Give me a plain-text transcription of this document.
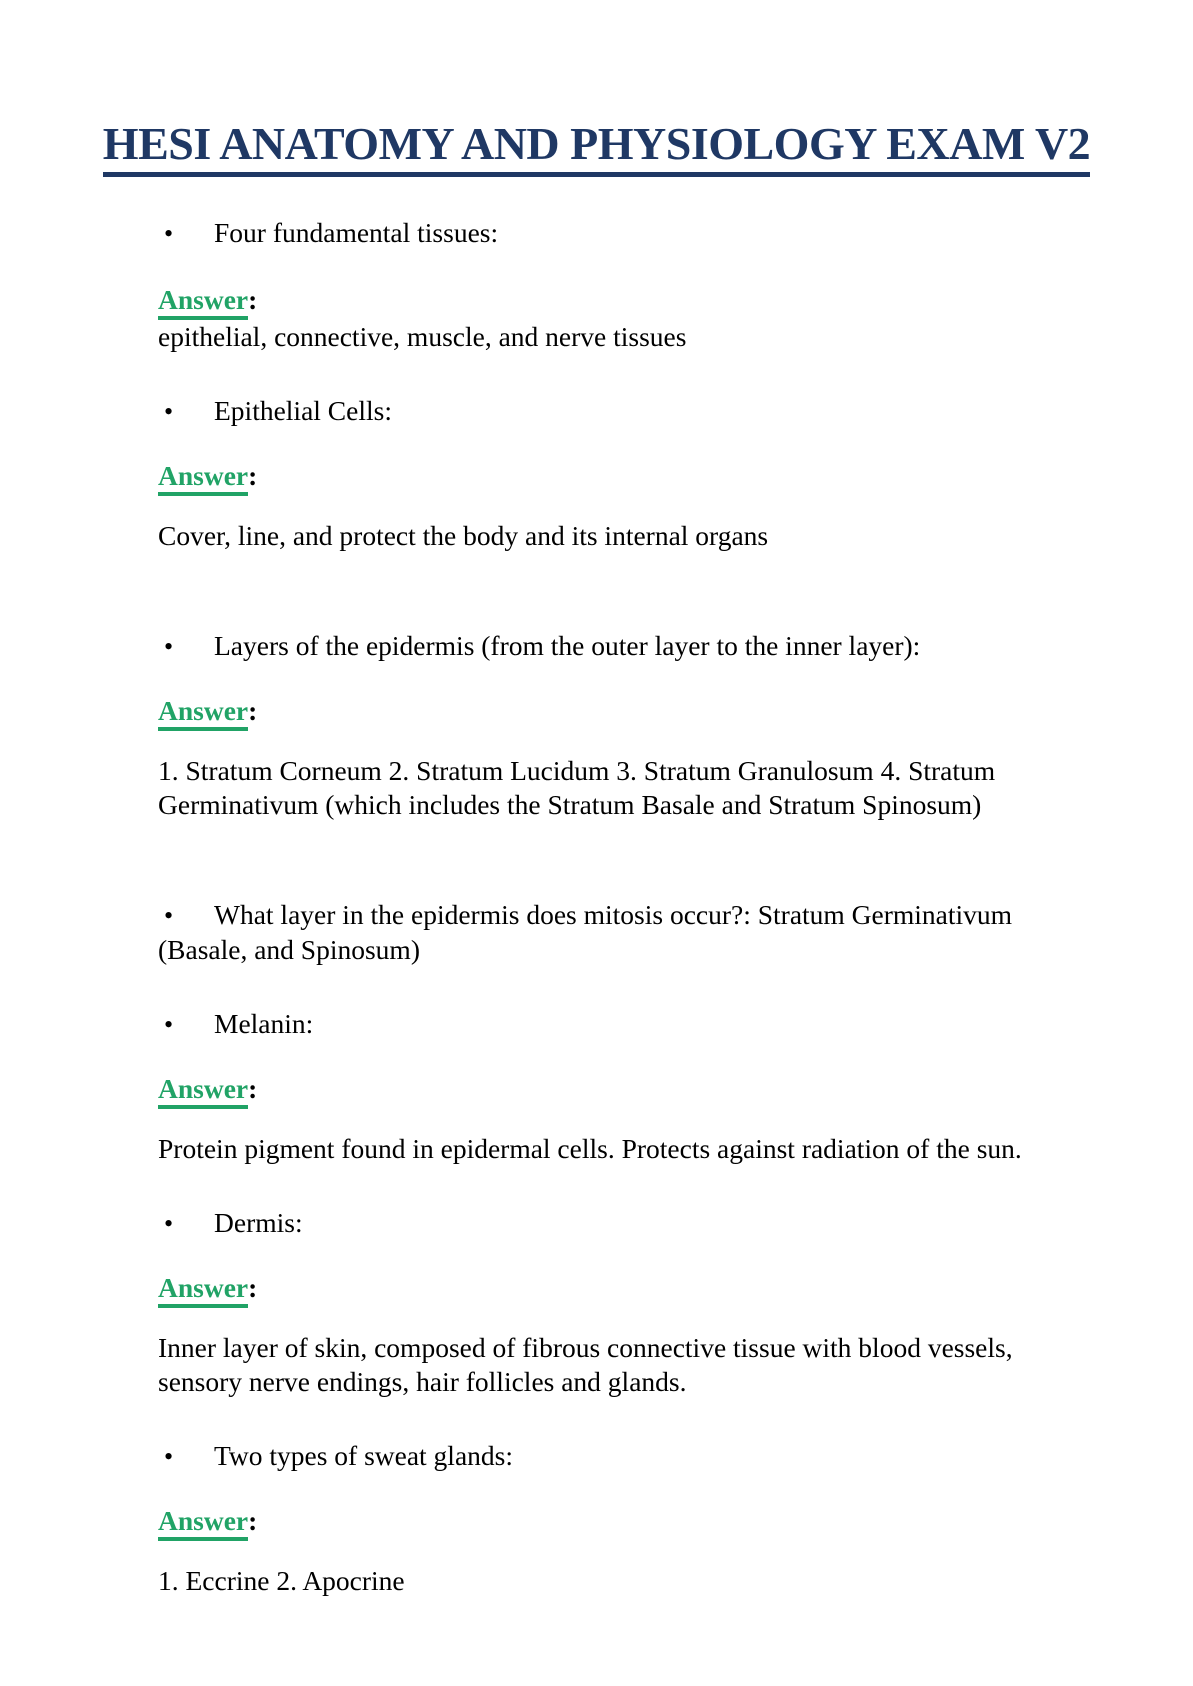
HESI ANATOMY AND PHYSIOLOGY EXAM V2

• Four fundamental tissues:

Answer:

epithelial, connective, muscle, and nerve tissues

• Epithelial Cells:

Answer:

Cover, line, and protect the body and its internal organs

• Layers of the epidermis (from the outer layer to the inner layer):

Answer:

1. Stratum Corneum 2. Stratum Lucidum 3. Stratum Granulosum 4. Stratum Germinativum (which includes the Stratum Basale and Stratum Spinosum)

• What layer in the epidermis does mitosis occur?: Stratum Germinativum (Basale, and Spinosum)

• Melanin:

Answer:

Protein pigment found in epidermal cells. Protects against radiation of the sun.

• Dermis:

Answer:

Inner layer of skin, composed of fibrous connective tissue with blood vessels, sensory nerve endings, hair follicles and glands.

• Two types of sweat glands:

Answer:

1. Eccrine 2. Apocrine
